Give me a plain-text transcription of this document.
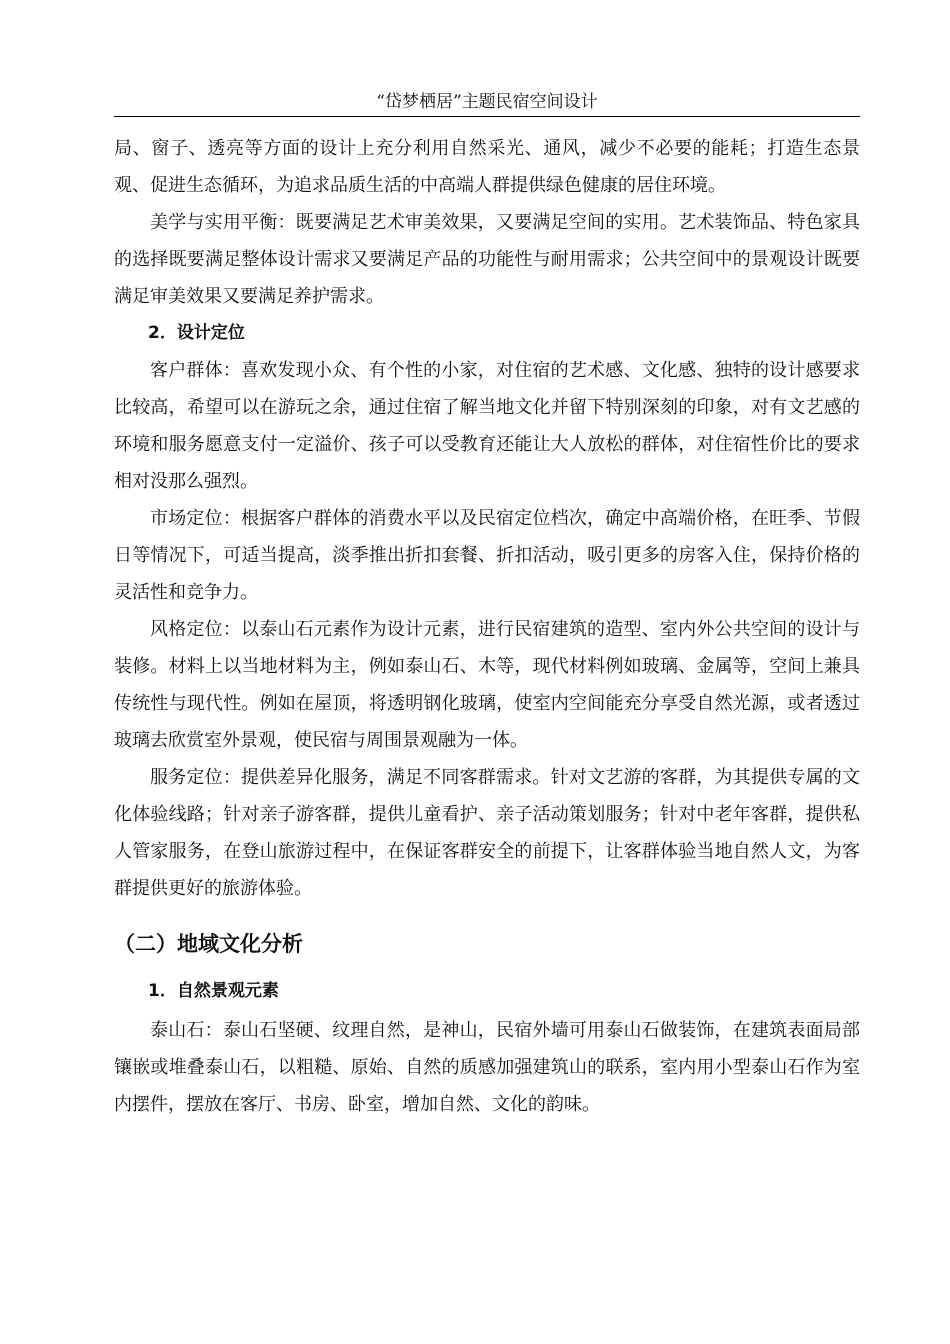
“岱梦栖居”主题民宿空间设计

局、窗子、透亮等方面的设计上充分利用自然采光、通风，减少不必要的能耗；打造生态景观、促进生态循环，为追求品质生活的中高端人群提供绿色健康的居住环境。

美学与实用平衡：既要满足艺术审美效果，又要满足空间的实用。艺术装饰品、特色家具的选择既要满足整体设计需求又要满足产品的功能性与耐用需求；公共空间中的景观设计既要满足审美效果又要满足养护需求。

2．设计定位

客户群体：喜欢发现小众、有个性的小家，对住宿的艺术感、文化感、独特的设计感要求比较高，希望可以在游玩之余，通过住宿了解当地文化并留下特别深刻的印象，对有文艺感的环境和服务愿意支付一定溢价、孩子可以受教育还能让大人放松的群体，对住宿性价比的要求相对没那么强烈。

市场定位：根据客户群体的消费水平以及民宿定位档次，确定中高端价格，在旺季、节假日等情况下，可适当提高，淡季推出折扣套餐、折扣活动，吸引更多的房客入住，保持价格的灵活性和竞争力。

风格定位：以泰山石元素作为设计元素，进行民宿建筑的造型、室内外公共空间的设计与装修。材料上以当地材料为主，例如泰山石、木等，现代材料例如玻璃、金属等，空间上兼具传统性与现代性。例如在屋顶，将透明钢化玻璃，使室内空间能充分享受自然光源，或者透过玻璃去欣赏室外景观，使民宿与周围景观融为一体。

服务定位：提供差异化服务，满足不同客群需求。针对文艺游的客群，为其提供专属的文化体验线路；针对亲子游客群，提供儿童看护、亲子活动策划服务；针对中老年客群，提供私人管家服务，在登山旅游过程中，在保证客群安全的前提下，让客群体验当地自然人文，为客群提供更好的旅游体验。

（二）地域文化分析
1．自然景观元素

泰山石：泰山石坚硬、纹理自然，是神山，民宿外墙可用泰山石做装饰，在建筑表面局部镶嵌或堆叠泰山石，以粗糙、原始、自然的质感加强建筑山的联系，室内用小型泰山石作为室内摆件，摆放在客厅、书房、卧室，增加自然、文化的韵味。
